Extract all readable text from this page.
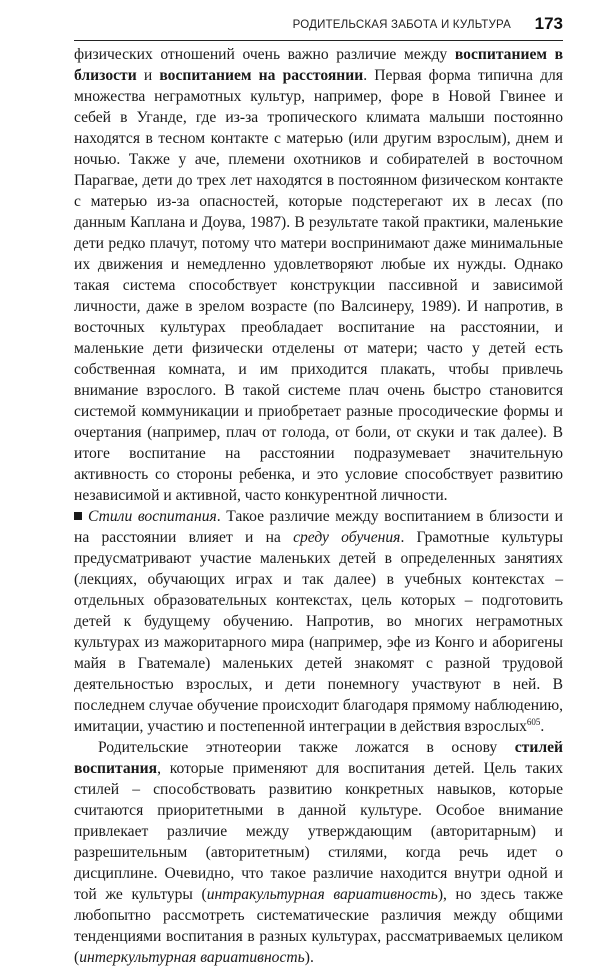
РОДИТЕЛЬСКАЯ ЗАБОТА И КУЛЬТУРА 173

физических отношений очень важно различие между воспитанием в близости и воспитанием на расстоянии. Первая форма типична для множества неграмотных культур, например, форе в Новой Гвинее и себей в Уганде, где из-за тропического климата малыши постоянно находятся в тесном контакте с матерью (или другим взрослым), днем и ночью. Также у аче, племени охотников и собирателей в восточном Парагвае, дети до трех лет находятся в постоянном физическом контакте с матерью из-за опасностей, которые подстерегают их в лесах (по данным Каплана и Доува, 1987). В результате такой практики, маленькие дети редко плачут, потому что матери воспринимают даже минимальные их движения и немедленно удовлетворяют любые их нужды. Однако такая система способствует конструкции пассивной и зависимой личности, даже в зрелом возрасте (по Валсинеру, 1989). И напротив, в восточных культурах преобладает воспитание на расстоянии, и маленькие дети физически отделены от матери; часто у детей есть собственная комната, и им приходится плакать, чтобы привлечь внимание взрослого. В такой системе плач очень быстро становится системой коммуникации и приобретает разные просодические формы и очертания (например, плач от голода, от боли, от скуки и так далее). В итоге воспитание на расстоянии подразумевает значительную активность со стороны ребенка, и это условие способствует развитию независимой и активной, часто конкурентной личности.

Стили воспитания. Такое различие между воспитанием в близости и на расстоянии влияет и на среду обучения. Грамотные культуры предусматривают участие маленьких детей в определенных занятиях (лекциях, обучающих играх и так далее) в учебных контекстах – отдельных образовательных контекстах, цель которых – подготовить детей к будущему обучению. Напротив, во многих неграмотных культурах из мажоритарного мира (например, эфе из Конго и аборигены майя в Гватемале) маленьких детей знакомят с разной трудовой деятельностью взрослых, и дети понемногу участвуют в ней. В последнем случае обучение происходит благодаря прямому наблюдению, имитации, участию и постепенной интеграции в действия взрослых$^{605}$.

Родительские этнотеории также ложатся в основу стилей воспитания, которые применяют для воспитания детей. Цель таких стилей – способствовать развитию конкретных навыков, которые считаются приоритетными в данной культуре. Особое внимание привлекает различие между утверждающим (авторитарным) и разрешительным (авторитетным) стилями, когда речь идет о дисциплине. Очевидно, что такое различие находится внутри одной и той же культуры (интракультурная вариативность), но здесь также любопытно рассмотреть систематические различия между общими тенденциями воспитания в разных культурах, рассматриваемых целиком (интеркультурная вариативность).
